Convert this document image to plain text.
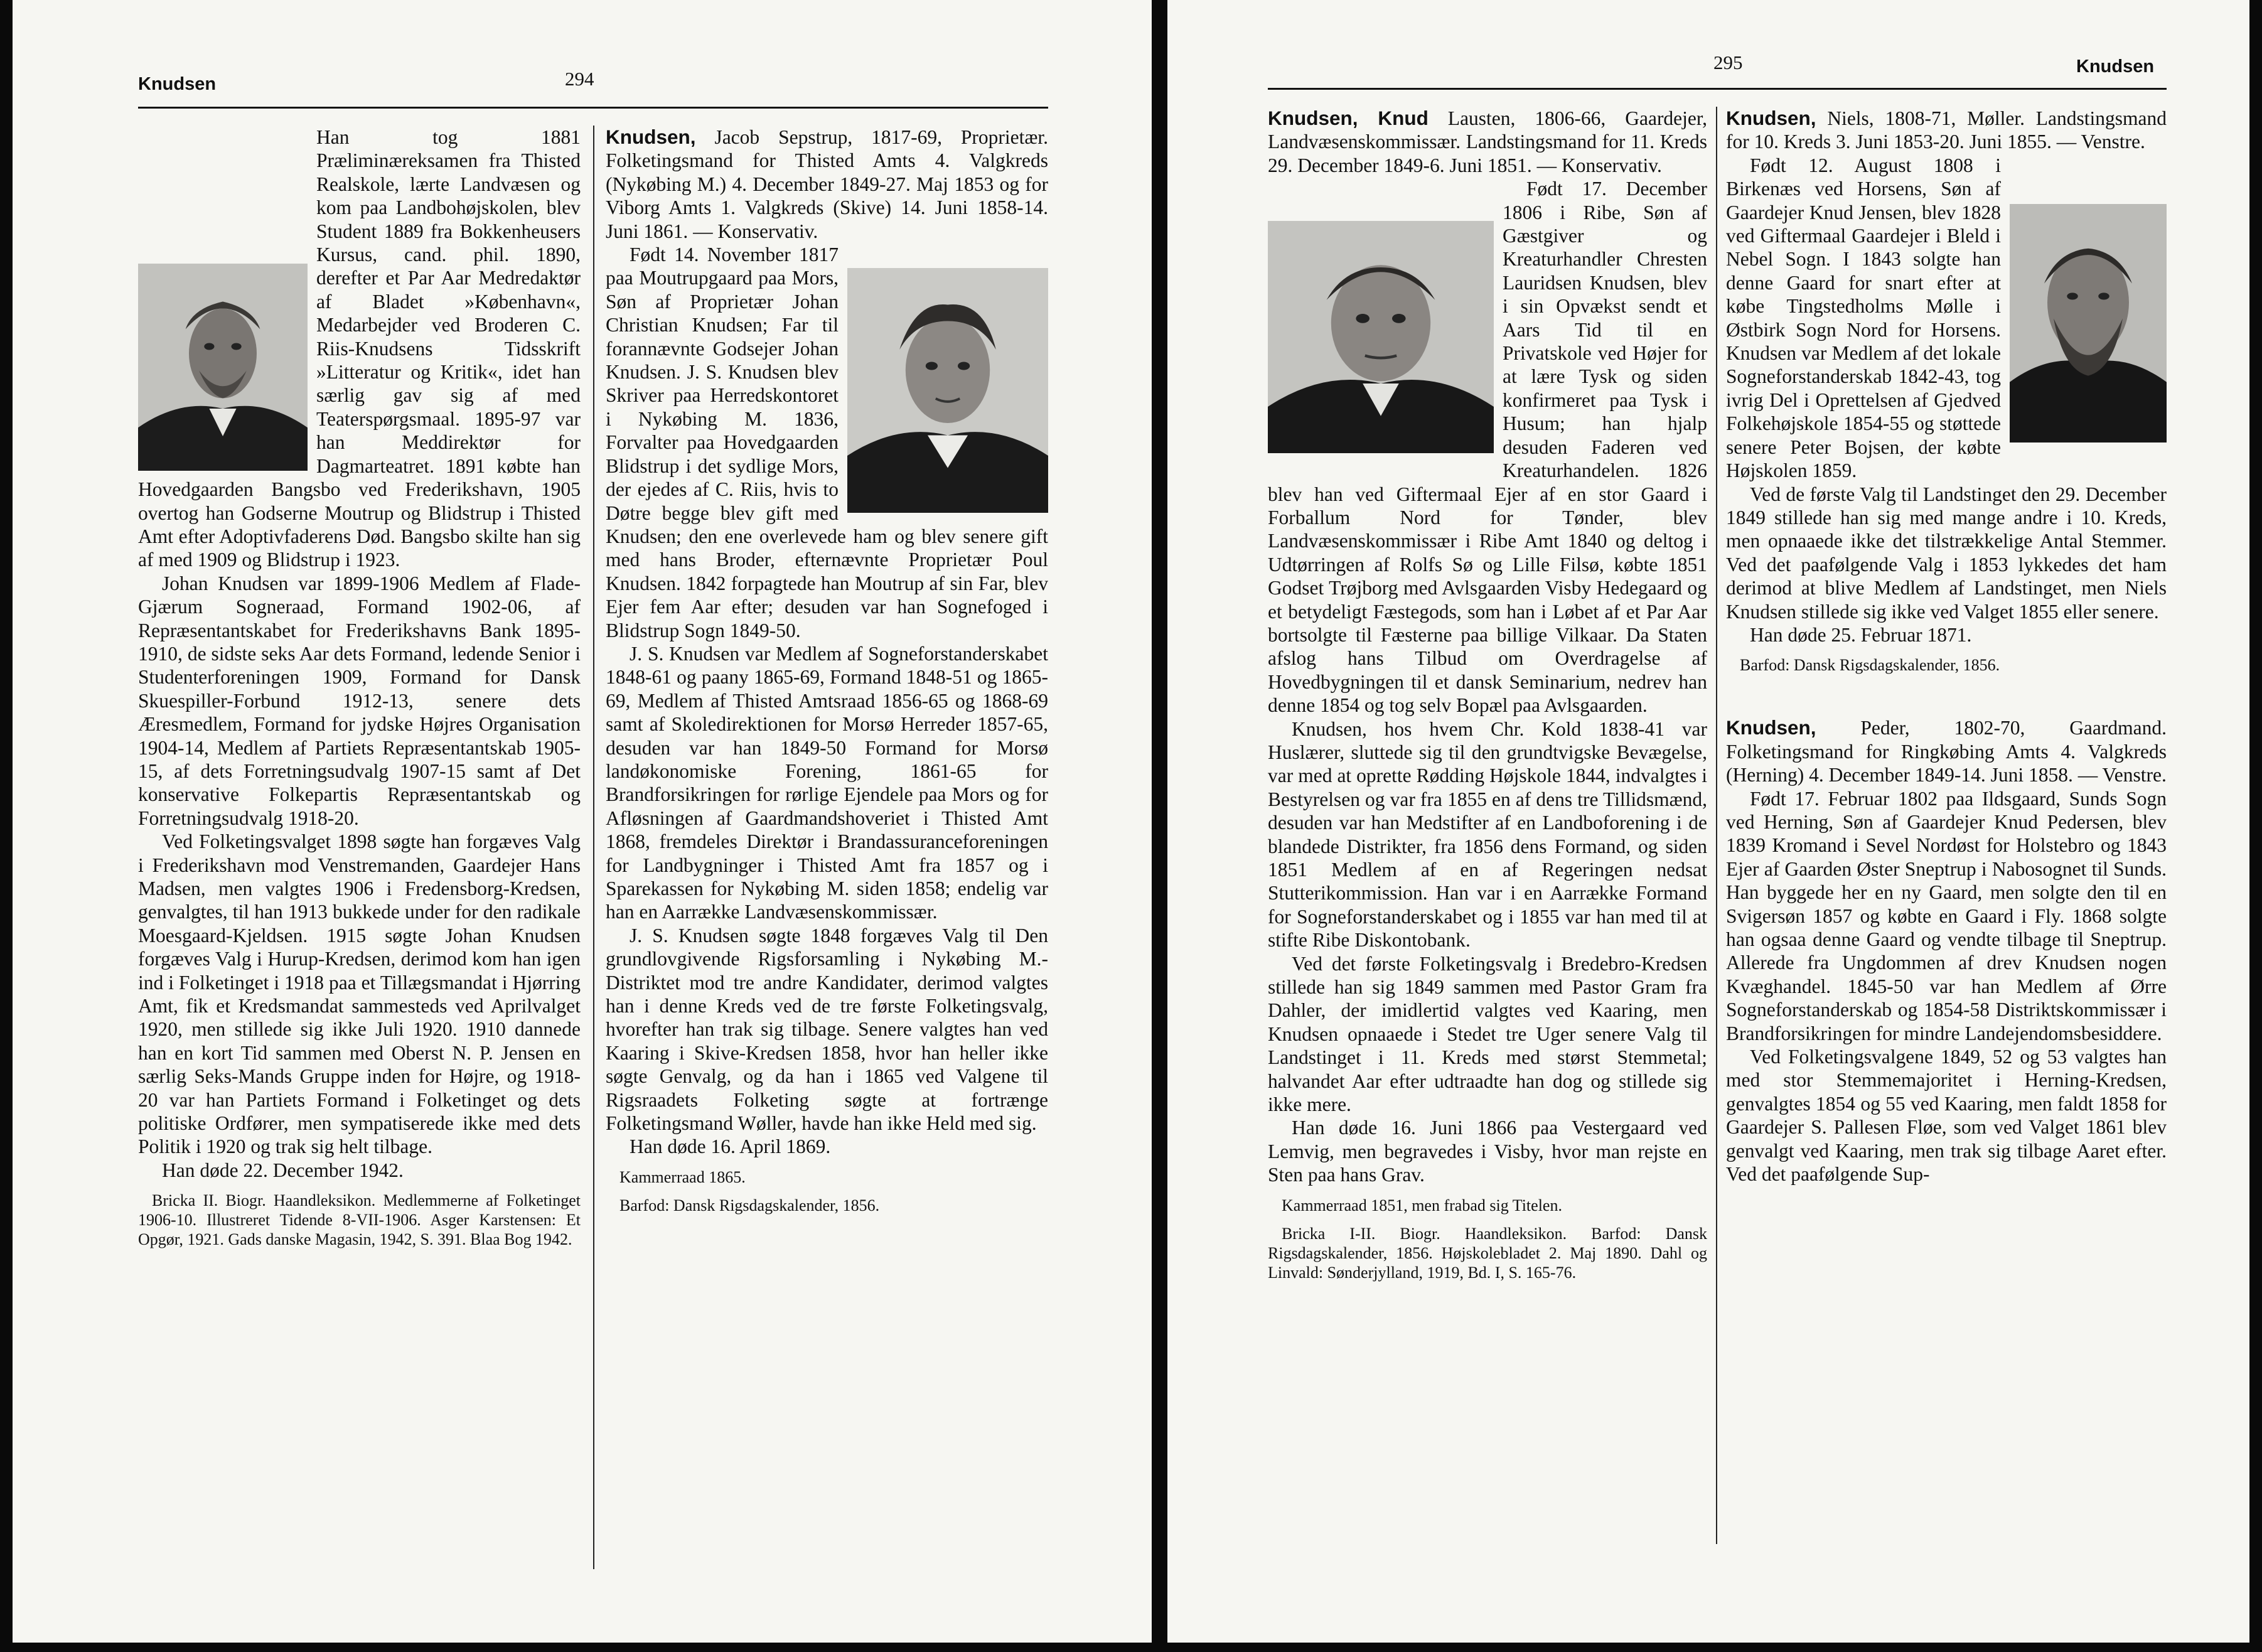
Knudsen	294

Han tog 1881 Præliminæreksamen fra Thisted Realskole, lærte Landvæsen og kom paa Landbohøjskolen, blev Student 1889 fra Bokkenheusers Kursus, cand. phil. 1890, derefter et Par Aar Medredaktør af Bladet »København«, Medarbejder ved Broderen C. Riis-Knudsens Tidsskrift »Litteratur og Kritik«, idet han særlig gav sig af med Teaterspørgsmaal. 1895-97 var han Meddirektør for Dagmarteatret. 1891 købte han Hovedgaarden Bangsbo ved Frederikshavn, 1905 overtog han Godserne Moutrup og Blidstrup i Thisted Amt efter Adoptivfaderens Død. Bangsbo skilte han sig af med 1909 og Blidstrup i 1923.

Johan Knudsen var 1899-1906 Medlem af Flade-Gjærum Sogneraad, Formand 1902-06, af Repræsentantskabet for Frederikshavns Bank 1895-1910, de sidste seks Aar dets Formand, ledende Senior i Studenterforeningen 1909, Formand for Dansk Skuespiller-Forbund 1912-13, senere dets Æresmedlem, Formand for jydske Højres Organisation 1904-14, Medlem af Partiets Repræsentantskab 1905-15, af dets Forretningsudvalg 1907-15 samt af Det konservative Folkepartis Repræsentantskab og Forretningsudvalg 1918-20.

Ved Folketingsvalget 1898 søgte han forgæves Valg i Frederikshavn mod Venstremanden, Gaardejer Hans Madsen, men valgtes 1906 i Fredensborg-Kredsen, genvalgtes, til han 1913 bukkede under for den radikale Moesgaard-Kjeldsen. 1915 søgte Johan Knudsen forgæves Valg i Hurup-Kredsen, derimod kom han igen ind i Folketinget i 1918 paa et Tillægsmandat i Hjørring Amt, fik et Kredsmandat sammesteds ved Aprilvalget 1920, men stillede sig ikke Juli 1920. 1910 dannede han en kort Tid sammen med Oberst N. P. Jensen en særlig Seks-Mands Gruppe inden for Højre, og 1918-20 var han Partiets Formand i Folketinget og dets politiske Ordfører, men sympatiserede ikke med dets Politik i 1920 og trak sig helt tilbage.

Han døde 22. December 1942.

Bricka II. Biogr. Haandleksikon. Medlemmerne af Folketinget 1906-10. Illustreret Tidende 8-VII-1906. Asger Karstensen: Et Opgør, 1921. Gads danske Magasin, 1942, S. 391. Blaa Bog 1942.

Knudsen, Jacob Sepstrup, 1817-69, Proprietær. Folketingsmand for Thisted Amts 4. Valgkreds (Nykøbing M.) 4. December 1849-27. Maj 1853 og for Viborg Amts 1. Valgkreds (Skive) 14. Juni 1858-14. Juni 1861. — Konservativ.

Født 14. November 1817 paa Moutrupgaard paa Mors, Søn af Proprietær Johan Christian Knudsen; Far til forannævnte Godsejer Johan Knudsen. J. S. Knudsen blev Skriver paa Herredskontoret i Nykøbing M. 1836, Forvalter paa Hovedgaarden Blidstrup i det sydlige Mors, der ejedes af C. Riis, hvis to Døtre begge blev gift med Knudsen; den ene overlevede ham og blev senere gift med hans Broder, efternævnte Proprietær Poul Knudsen. 1842 forpagtede han Moutrup af sin Far, blev Ejer fem Aar efter; desuden var han Sognefoged i Blidstrup Sogn 1849-50.

J. S. Knudsen var Medlem af Sogneforstanderskabet 1848-61 og paany 1865-69, Formand 1848-51 og 1865-69, Medlem af Thisted Amtsraad 1856-65 og 1868-69 samt af Skoledirektionen for Morsø Herreder 1857-65, desuden var han 1849-50 Formand for Morsø landøkonomiske Forening, 1861-65 for Brandforsikringen for rørlige Ejendele paa Mors og for Afløsningen af Gaardmandshoveriet i Thisted Amt 1868, fremdeles Direktør i Brandassuranceforeningen for Landbygninger i Thisted Amt fra 1857 og i Sparekassen for Nykøbing M. siden 1858; endelig var han en Aarrække Landvæsenskommissær.

J. S. Knudsen søgte 1848 forgæves Valg til Den grundlovgivende Rigsforsamling i Nykøbing M.-Distriktet mod tre andre Kandidater, derimod valgtes han i denne Kreds ved de tre første Folketingsvalg, hvorefter han trak sig tilbage. Senere valgtes han ved Kaaring i Skive-Kredsen 1858, hvor han heller ikke søgte Genvalg, og da han i 1865 ved Valgene til Rigsraadets Folketing søgte at fortrænge Folketingsmand Wøller, havde han ikke Held med sig.

Han døde 16. April 1869.

Kammerraad 1865.

Barfod: Dansk Rigsdagskalender, 1856.

295	Knudsen

Knudsen, Knud Lausten, 1806-66, Gaardejer, Landvæsenskommissær. Landstingsmand for 11. Kreds 29. December 1849-6. Juni 1851. — Konservativ.

Født 17. December 1806 i Ribe, Søn af Gæstgiver og Kreaturhandler Chresten Lauridsen Knudsen, blev i sin Opvækst sendt et Aars Tid til en Privatskole ved Højer for at lære Tysk og siden konfirmeret paa Tysk i Husum; han hjalp desuden Faderen ved Kreaturhandelen. 1826 blev han ved Giftermaal Ejer af en stor Gaard i Forballum Nord for Tønder, blev Landvæsenskommissær i Ribe Amt 1840 og deltog i Udtørringen af Rolfs Sø og Lille Filsø, købte 1851 Godset Trøjborg med Avlsgaarden Visby Hedegaard og et betydeligt Fæstegods, som han i Løbet af et Par Aar bortsolgte til Fæsterne paa billige Vilkaar. Da Staten afslog hans Tilbud om Overdragelse af Hovedbygningen til et dansk Seminarium, nedrev han denne 1854 og tog selv Bopæl paa Avlsgaarden.

Knudsen, hos hvem Chr. Kold 1838-41 var Huslærer, sluttede sig til den grundtvigske Bevægelse, var med at oprette Rødding Højskole 1844, indvalgtes i Bestyrelsen og var fra 1855 en af dens tre Tillidsmænd, desuden var han Medstifter af en Landboforening i de blandede Distrikter, fra 1856 dens Formand, og siden 1851 Medlem af en af Regeringen nedsat Stutterikommission. Han var i en Aarrække Formand for Sogneforstanderskabet og i 1855 var han med til at stifte Ribe Diskontobank.

Ved det første Folketingsvalg i Bredebro-Kredsen stillede han sig 1849 sammen med Pastor Gram fra Dahler, der imidlertid valgtes ved Kaaring, men Knudsen opnaaede i Stedet tre Uger senere Valg til Landstinget i 11. Kreds med størst Stemmetal; halvandet Aar efter udtraadte han dog og stillede sig ikke mere.

Han døde 16. Juni 1866 paa Vestergaard ved Lemvig, men begravedes i Visby, hvor man rejste en Sten paa hans Grav.

Kammerraad 1851, men frabad sig Titelen.

Bricka I-II. Biogr. Haandleksikon. Barfod: Dansk Rigsdagskalender, 1856. Højskolebladet 2. Maj 1890. Dahl og Linvald: Sønderjylland, 1919, Bd. I, S. 165-76.

Knudsen, Niels, 1808-71, Møller. Landstingsmand for 10. Kreds 3. Juni 1853-20. Juni 1855. — Venstre.

Født 12. August 1808 i Birkenæs ved Horsens, Søn af Gaardejer Knud Jensen, blev 1828 ved Giftermaal Gaardejer i Bleld i Nebel Sogn. I 1843 solgte han denne Gaard for snart efter at købe Tingstedholms Mølle i Østbirk Sogn Nord for Horsens. Knudsen var Medlem af det lokale Sogneforstanderskab 1842-43, tog ivrig Del i Oprettelsen af Gjedved Folkehøjskole 1854-55 og støttede senere Peter Bojsen, der købte Højskolen 1859.

Ved de første Valg til Landstinget den 29. December 1849 stillede han sig med mange andre i 10. Kreds, men opnaaede ikke det tilstrækkelige Antal Stemmer. Ved det paafølgende Valg i 1853 lykkedes det ham derimod at blive Medlem af Landstinget, men Niels Knudsen stillede sig ikke ved Valget 1855 eller senere.

Han døde 25. Februar 1871.

Barfod: Dansk Rigsdagskalender, 1856.

Knudsen, Peder, 1802-70, Gaardmand. Folketingsmand for Ringkøbing Amts 4. Valgkreds (Herning) 4. December 1849-14. Juni 1858. — Venstre.

Født 17. Februar 1802 paa Ildsgaard, Sunds Sogn ved Herning, Søn af Gaardejer Knud Pedersen, blev 1839 Kromand i Sevel Nordøst for Holstebro og 1843 Ejer af Gaarden Øster Sneptrup i Nabosognet til Sunds. Han byggede her en ny Gaard, men solgte den til en Svigersøn 1857 og købte en Gaard i Fly. 1868 solgte han ogsaa denne Gaard og vendte tilbage til Sneptrup. Allerede fra Ungdommen af drev Knudsen nogen Kvæghandel. 1845-50 var han Medlem af Ørre Sogneforstanderskab og 1854-58 Distriktskommissær i Brandforsikringen for mindre Landejendomsbesiddere.

Ved Folketingsvalgene 1849, 52 og 53 valgtes han med stor Stemmemajoritet i Herning-Kredsen, genvalgtes 1854 og 55 ved Kaaring, men faldt 1858 for Gaardejer S. Pallesen Fløe, som ved Valget 1861 blev genvalgt ved Kaaring, men trak sig tilbage Aaret efter. Ved det paafølgende Sup-
